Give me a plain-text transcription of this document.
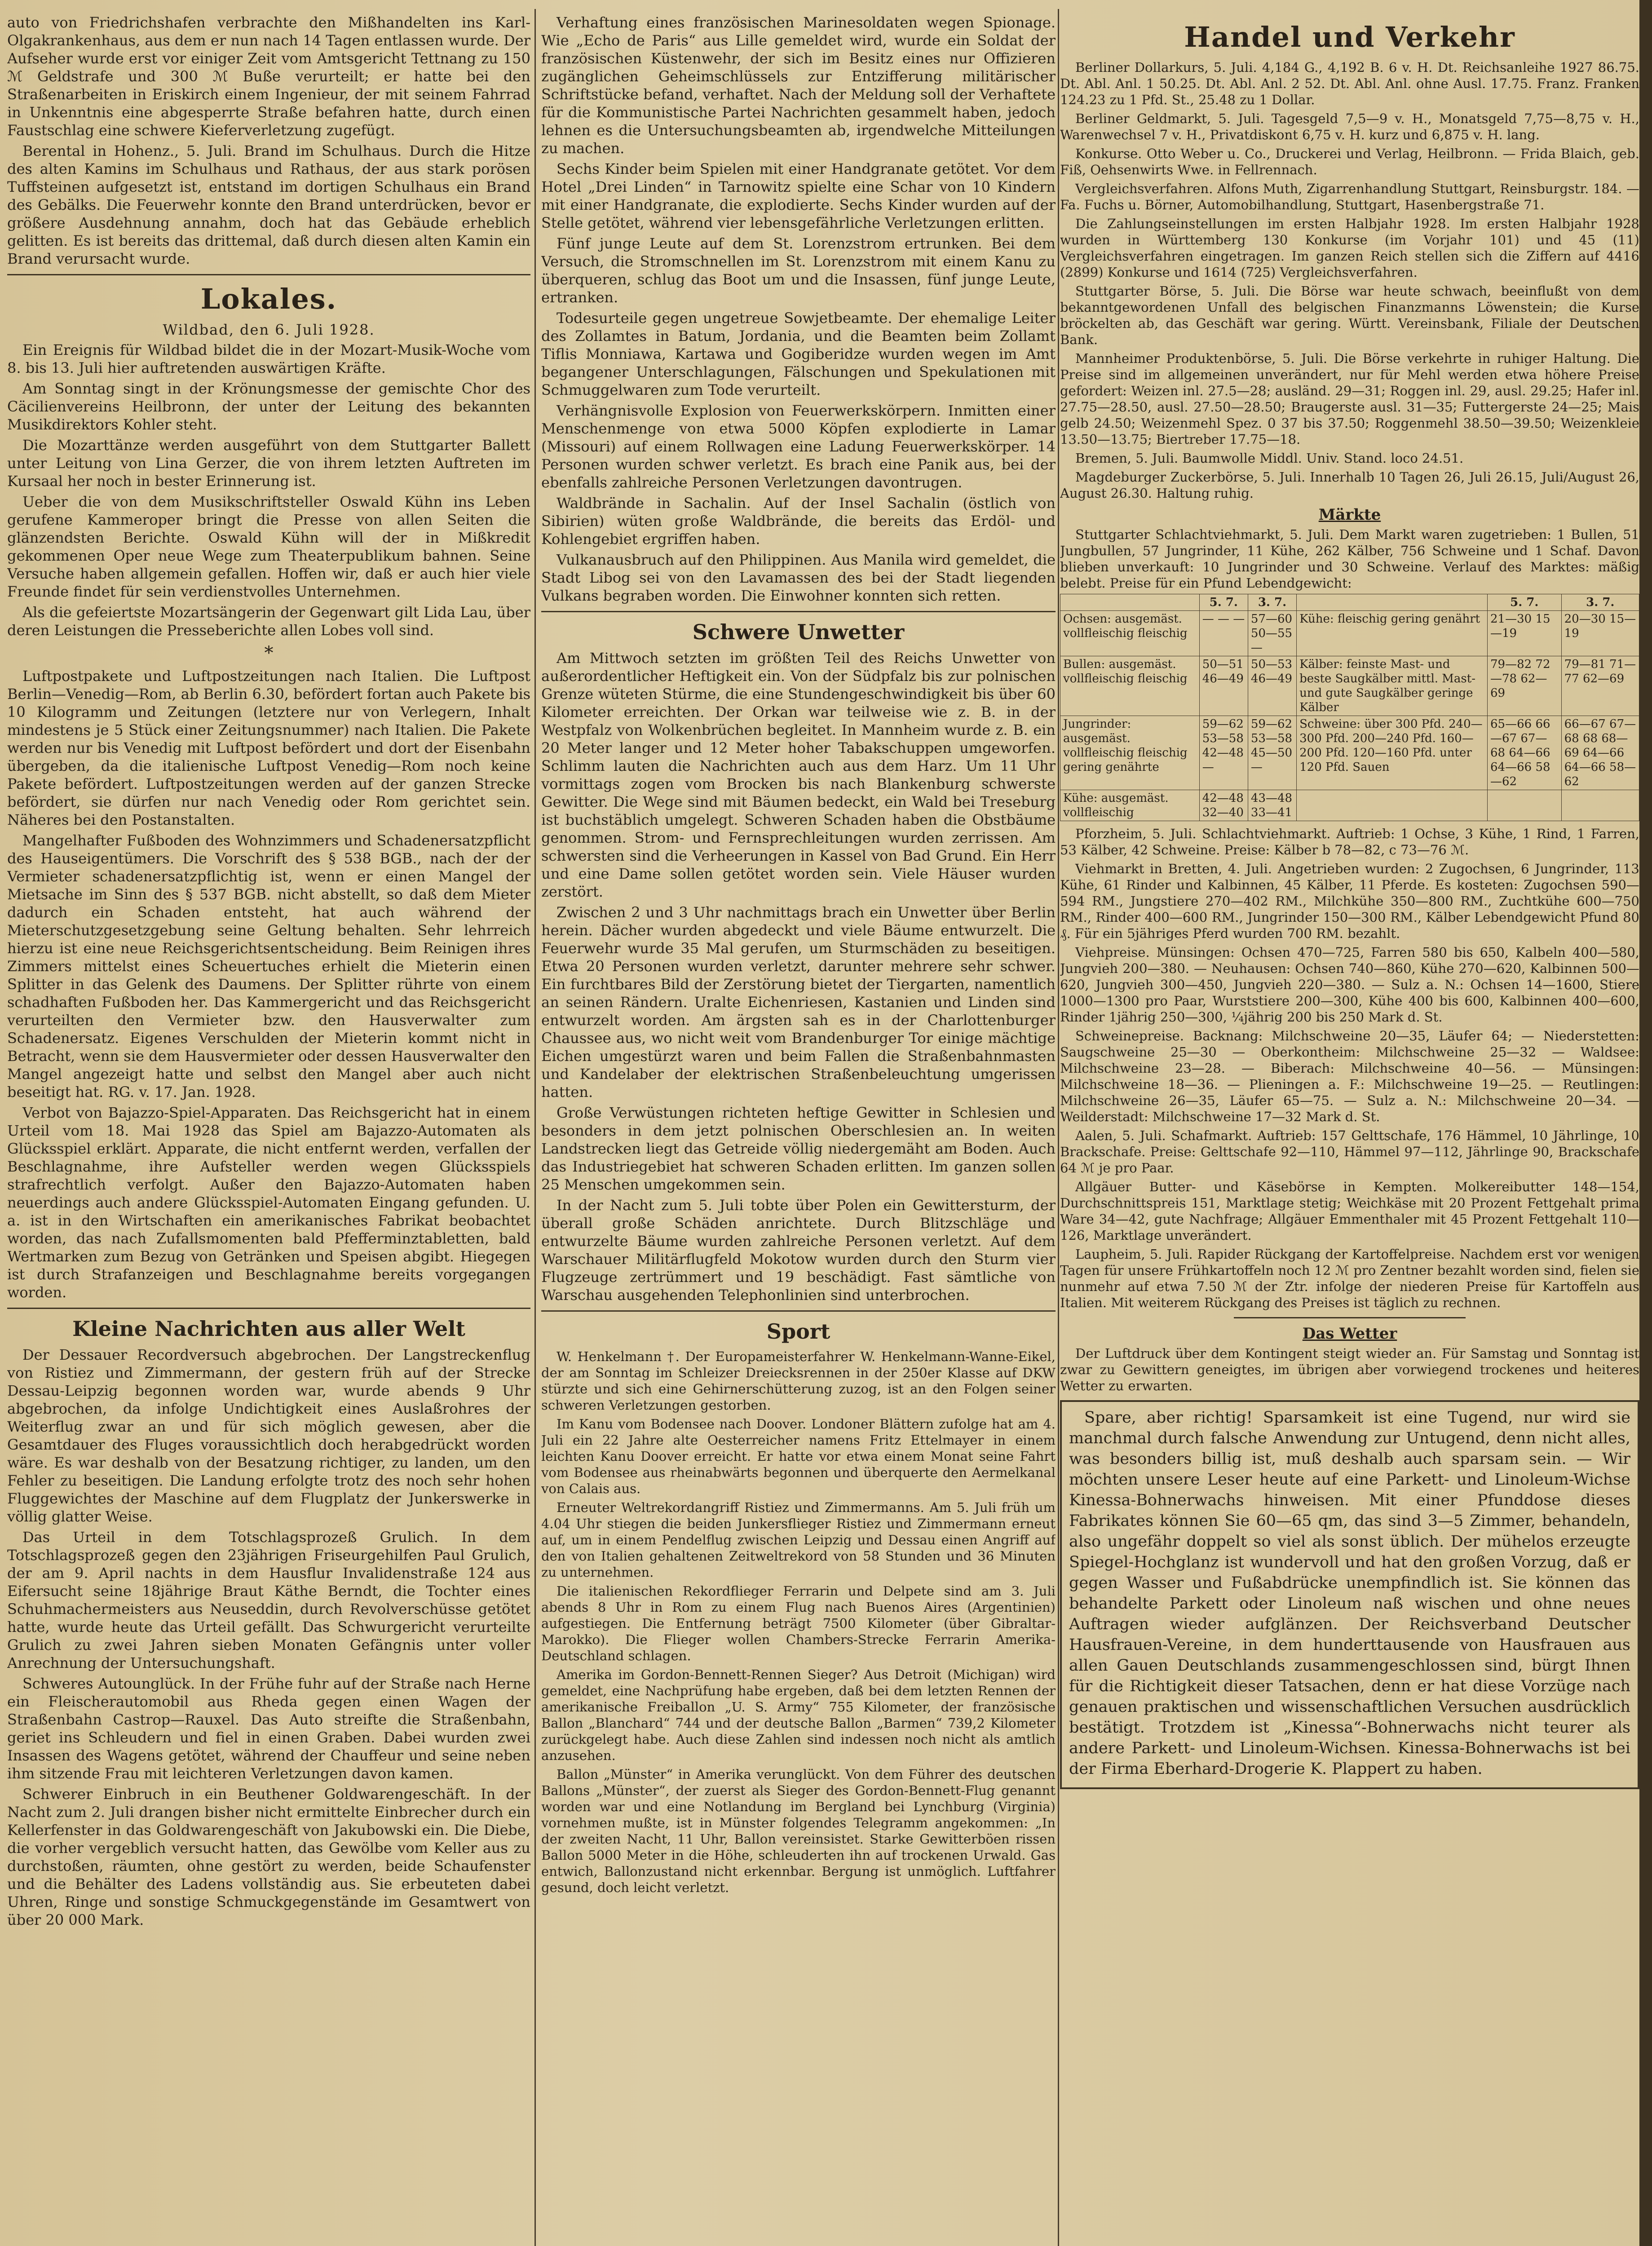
auto von Friedrichshafen verbrachte den Mißhandelten ins Karl-Olgakrankenhaus, aus dem er nun nach 14 Tagen entlassen wurde. Der Aufseher wurde erst vor einiger Zeit vom Amtsgericht Tettnang zu 150 ℳ Geldstrafe und 300 ℳ Buße verurteilt; er hatte bei den Straßenarbeiten in Eriskirch einem Ingenieur, der mit seinem Fahrrad in Unkenntnis eine abgesperrte Straße befahren hatte, durch einen Faustschlag eine schwere Kieferverletzung zugefügt.

Berental in Hohenz., 5. Juli. Brand im Schulhaus. Durch die Hitze des alten Kamins im Schulhaus und Rathaus, der aus stark porösen Tuffsteinen aufgesetzt ist, entstand im dortigen Schulhaus ein Brand des Gebälks. Die Feuerwehr konnte den Brand unterdrücken, bevor er größere Ausdehnung annahm, doch hat das Gebäude erheblich gelitten. Es ist bereits das drittemal, daß durch diesen alten Kamin ein Brand verursacht wurde.

Lokales.
Wildbad, den 6. Juli 1928.

Ein Ereignis für Wildbad bildet die in der Mozart-Musik-Woche vom 8. bis 13. Juli hier auftretenden auswärtigen Kräfte.

Am Sonntag singt in der Krönungsmesse der gemischte Chor des Cäcilienvereins Heilbronn, der unter der Leitung des bekannten Musikdirektors Kohler steht.

Die Mozarttänze werden ausgeführt von dem Stuttgarter Ballett unter Leitung von Lina Gerzer, die von ihrem letzten Auftreten im Kursaal her noch in bester Erinnerung ist.

Ueber die von dem Musikschriftsteller Oswald Kühn ins Leben gerufene Kammeroper bringt die Presse von allen Seiten die glänzendsten Berichte. Oswald Kühn will der in Mißkredit gekommenen Oper neue Wege zum Theaterpublikum bahnen. Seine Versuche haben allgemein gefallen. Hoffen wir, daß er auch hier viele Freunde findet für sein verdienstvolles Unternehmen.

Als die gefeiertste Mozartsängerin der Gegenwart gilt Lida Lau, über deren Leistungen die Presseberichte allen Lobes voll sind.

*

Luftpostpakete und Luftpostzeitungen nach Italien. Die Luftpost Berlin—Venedig—Rom, ab Berlin 6.30, befördert fortan auch Pakete bis 10 Kilogramm und Zeitungen (letztere nur von Verlegern, Inhalt mindestens je 5 Stück einer Zeitungsnummer) nach Italien. Die Pakete werden nur bis Venedig mit Luftpost befördert und dort der Eisenbahn übergeben, da die italienische Luftpost Venedig—Rom noch keine Pakete befördert. Luftpostzeitungen werden auf der ganzen Strecke befördert, sie dürfen nur nach Venedig oder Rom gerichtet sein. Näheres bei den Postanstalten.

Mangelhafter Fußboden des Wohnzimmers und Schadenersatzpflicht des Hauseigentümers. Die Vorschrift des § 538 BGB., nach der der Vermieter schadenersatzpflichtig ist, wenn er einen Mangel der Mietsache im Sinn des § 537 BGB. nicht abstellt, so daß dem Mieter dadurch ein Schaden entsteht, hat auch während der Mieterschutzgesetzgebung seine Geltung behalten. Sehr lehrreich hierzu ist eine neue Reichsgerichtsentscheidung. Beim Reinigen ihres Zimmers mittelst eines Scheuertuches erhielt die Mieterin einen Splitter in das Gelenk des Daumens. Der Splitter rührte von einem schadhaften Fußboden her. Das Kammergericht und das Reichsgericht verurteilten den Vermieter bzw. den Hausverwalter zum Schadenersatz. Eigenes Verschulden der Mieterin kommt nicht in Betracht, wenn sie dem Hausvermieter oder dessen Hausverwalter den Mangel angezeigt hatte und selbst den Mangel aber auch nicht beseitigt hat. RG. v. 17. Jan. 1928.

Verbot von Bajazzo-Spiel-Apparaten. Das Reichsgericht hat in einem Urteil vom 18. Mai 1928 das Spiel am Bajazzo-Automaten als Glücksspiel erklärt. Apparate, die nicht entfernt werden, verfallen der Beschlagnahme, ihre Aufsteller werden wegen Glücksspiels strafrechtlich verfolgt. Außer den Bajazzo-Automaten haben neuerdings auch andere Glücksspiel-Automaten Eingang gefunden. U. a. ist in den Wirtschaften ein amerikanisches Fabrikat beobachtet worden, das nach Zufallsmomenten bald Pfefferminztabletten, bald Wertmarken zum Bezug von Getränken und Speisen abgibt. Hiegegen ist durch Strafanzeigen und Beschlagnahme bereits vorgegangen worden.

Kleine Nachrichten aus aller Welt

Der Dessauer Recordversuch abgebrochen. Der Langstreckenflug von Ristiez und Zimmermann, der gestern früh auf der Strecke Dessau-Leipzig begonnen worden war, wurde abends 9 Uhr abgebrochen, da infolge Undichtigkeit eines Auslaßrohres der Weiterflug zwar an und für sich möglich gewesen, aber die Gesamtdauer des Fluges voraussichtlich doch herabgedrückt worden wäre. Es war deshalb von der Besatzung richtiger, zu landen, um den Fehler zu beseitigen. Die Landung erfolgte trotz des noch sehr hohen Fluggewichtes der Maschine auf dem Flugplatz der Junkerswerke in völlig glatter Weise.

Das Urteil in dem Totschlagsprozeß Grulich. In dem Totschlagsprozeß gegen den 23jährigen Friseurgehilfen Paul Grulich, der am 9. April nachts in dem Hausflur Invalidenstraße 124 aus Eifersucht seine 18jährige Braut Käthe Berndt, die Tochter eines Schuhmachermeisters aus Neuseddin, durch Revolverschüsse getötet hatte, wurde heute das Urteil gefällt. Das Schwurgericht verurteilte Grulich zu zwei Jahren sieben Monaten Gefängnis unter voller Anrechnung der Untersuchungshaft.

Schweres Autounglück. In der Frühe fuhr auf der Straße nach Herne ein Fleischerautomobil aus Rheda gegen einen Wagen der Straßenbahn Castrop—Rauxel. Das Auto streifte die Straßenbahn, geriet ins Schleudern und fiel in einen Graben. Dabei wurden zwei Insassen des Wagens getötet, während der Chauffeur und seine neben ihm sitzende Frau mit leichteren Verletzungen davon kamen.

Schwerer Einbruch in ein Beuthener Goldwarengeschäft. In der Nacht zum 2. Juli drangen bisher nicht ermittelte Einbrecher durch ein Kellerfenster in das Goldwarengeschäft von Jakubowski ein. Die Diebe, die vorher vergeblich versucht hatten, das Gewölbe vom Keller aus zu durchstoßen, räumten, ohne gestört zu werden, beide Schaufenster und die Behälter des Ladens vollständig aus. Sie erbeuteten dabei Uhren, Ringe und sonstige Schmuckgegenstände im Gesamtwert von über 20 000 Mark.

Verhaftung eines französischen Marinesoldaten wegen Spionage. Wie „Echo de Paris“ aus Lille gemeldet wird, wurde ein Soldat der französischen Küstenwehr, der sich im Besitz eines nur Offizieren zugänglichen Geheimschlüssels zur Entzifferung militärischer Schriftstücke befand, verhaftet. Nach der Meldung soll der Verhaftete für die Kommunistische Partei Nachrichten gesammelt haben, jedoch lehnen es die Untersuchungsbeamten ab, irgendwelche Mitteilungen zu machen.

Sechs Kinder beim Spielen mit einer Handgranate getötet. Vor dem Hotel „Drei Linden“ in Tarnowitz spielte eine Schar von 10 Kindern mit einer Handgranate, die explodierte. Sechs Kinder wurden auf der Stelle getötet, während vier lebensgefährliche Verletzungen erlitten.

Fünf junge Leute auf dem St. Lorenzstrom ertrunken. Bei dem Versuch, die Stromschnellen im St. Lorenzstrom mit einem Kanu zu überqueren, schlug das Boot um und die Insassen, fünf junge Leute, ertranken.

Todesurteile gegen ungetreue Sowjetbeamte. Der ehemalige Leiter des Zollamtes in Batum, Jordania, und die Beamten beim Zollamt Tiflis Monniawa, Kartawa und Gogiberidze wurden wegen im Amt begangener Unterschlagungen, Fälschungen und Spekulationen mit Schmuggelwaren zum Tode verurteilt.

Verhängnisvolle Explosion von Feuerwerkskörpern. Inmitten einer Menschenmenge von etwa 5000 Köpfen explodierte in Lamar (Missouri) auf einem Rollwagen eine Ladung Feuerwerkskörper. 14 Personen wurden schwer verletzt. Es brach eine Panik aus, bei der ebenfalls zahlreiche Personen Verletzungen davontrugen.

Waldbrände in Sachalin. Auf der Insel Sachalin (östlich von Sibirien) wüten große Waldbrände, die bereits das Erdöl- und Kohlengebiet ergriffen haben.

Vulkanausbruch auf den Philippinen. Aus Manila wird gemeldet, die Stadt Libog sei von den Lavamassen des bei der Stadt liegenden Vulkans begraben worden. Die Einwohner konnten sich retten.

Schwere Unwetter

Am Mittwoch setzten im größten Teil des Reichs Unwetter von außerordentlicher Heftigkeit ein. Von der Südpfalz bis zur polnischen Grenze wüteten Stürme, die eine Stundengeschwindigkeit bis über 60 Kilometer erreichten. Der Orkan war teilweise wie z. B. in der Westpfalz von Wolkenbrüchen begleitet. In Mannheim wurde z. B. ein 20 Meter langer und 12 Meter hoher Tabakschuppen umgeworfen. Schlimm lauten die Nachrichten auch aus dem Harz. Um 11 Uhr vormittags zogen vom Brocken bis nach Blankenburg schwerste Gewitter. Die Wege sind mit Bäumen bedeckt, ein Wald bei Treseburg ist buchstäblich umgelegt. Schweren Schaden haben die Obstbäume genommen. Strom- und Fernsprechleitungen wurden zerrissen. Am schwersten sind die Verheerungen in Kassel von Bad Grund. Ein Herr und eine Dame sollen getötet worden sein. Viele Häuser wurden zerstört.

Zwischen 2 und 3 Uhr nachmittags brach ein Unwetter über Berlin herein. Dächer wurden abgedeckt und viele Bäume entwurzelt. Die Feuerwehr wurde 35 Mal gerufen, um Sturmschäden zu beseitigen. Etwa 20 Personen wurden verletzt, darunter mehrere sehr schwer. Ein furchtbares Bild der Zerstörung bietet der Tiergarten, namentlich an seinen Rändern. Uralte Eichenriesen, Kastanien und Linden sind entwurzelt worden. Am ärgsten sah es in der Charlottenburger Chaussee aus, wo nicht weit vom Brandenburger Tor einige mächtige Eichen umgestürzt waren und beim Fallen die Straßenbahnmasten und Kandelaber der elektrischen Straßenbeleuchtung umgerissen hatten.

Große Verwüstungen richteten heftige Gewitter in Schlesien und besonders in dem jetzt polnischen Oberschlesien an. In weiten Landstrecken liegt das Getreide völlig niedergemäht am Boden. Auch das Industriegebiet hat schweren Schaden erlitten. Im ganzen sollen 25 Menschen umgekommen sein.

In der Nacht zum 5. Juli tobte über Polen ein Gewittersturm, der überall große Schäden anrichtete. Durch Blitzschläge und entwurzelte Bäume wurden zahlreiche Personen verletzt. Auf dem Warschauer Militärflugfeld Mokotow wurden durch den Sturm vier Flugzeuge zertrümmert und 19 beschädigt. Fast sämtliche von Warschau ausgehenden Telephonlinien sind unterbrochen.

Sport

W. Henkelmann †. Der Europameisterfahrer W. Henkelmann-Wanne-Eikel, der am Sonntag im Schleizer Dreiecksrennen in der 250er Klasse auf DKW stürzte und sich eine Gehirnerschütterung zuzog, ist an den Folgen seiner schweren Verletzungen gestorben.

Im Kanu vom Bodensee nach Doover. Londoner Blättern zufolge hat am 4. Juli ein 22 Jahre alte Oesterreicher namens Fritz Ettelmayer in einem leichten Kanu Doover erreicht. Er hatte vor etwa einem Monat seine Fahrt vom Bodensee aus rheinabwärts begonnen und überquerte den Aermelkanal von Calais aus.

Erneuter Weltrekordangriff Ristiez und Zimmermanns. Am 5. Juli früh um 4.04 Uhr stiegen die beiden Junkersflieger Ristiez und Zimmermann erneut auf, um in einem Pendelflug zwischen Leipzig und Dessau einen Angriff auf den von Italien gehaltenen Zeitweltrekord von 58 Stunden und 36 Minuten zu unternehmen.

Die italienischen Rekordflieger Ferrarin und Delpete sind am 3. Juli abends 8 Uhr in Rom zu einem Flug nach Buenos Aires (Argentinien) aufgestiegen. Die Entfernung beträgt 7500 Kilometer (über Gibraltar-Marokko). Die Flieger wollen Chambers-Strecke Ferrarin Amerika-Deutschland schlagen.

Amerika im Gordon-Bennett-Rennen Sieger? Aus Detroit (Michigan) wird gemeldet, eine Nachprüfung habe ergeben, daß bei dem letzten Rennen der amerikanische Freiballon „U. S. Army“ 755 Kilometer, der französische Ballon „Blanchard“ 744 und der deutsche Ballon „Barmen“ 739,2 Kilometer zurückgelegt habe. Auch diese Zahlen sind indessen noch nicht als amtlich anzusehen.

Ballon „Münster“ in Amerika verunglückt. Von dem Führer des deutschen Ballons „Münster“, der zuerst als Sieger des Gordon-Bennett-Flug genannt worden war und eine Notlandung im Bergland bei Lynchburg (Virginia) vornehmen mußte, ist in Münster folgendes Telegramm angekommen: „In der zweiten Nacht, 11 Uhr, Ballon vereinsistet. Starke Gewitterböen rissen Ballon 5000 Meter in die Höhe, schleuderten ihn auf trockenen Urwald. Gas entwich, Ballonzustand nicht erkennbar. Bergung ist unmöglich. Luftfahrer gesund, doch leicht verletzt.

Handel und Verkehr

Berliner Dollarkurs, 5. Juli. 4,184 G., 4,192 B. 6 v. H. Dt. Reichsanleihe 1927 86.75. Dt. Abl. Anl. 1 50.25. Dt. Abl. Anl. 2 52. Dt. Abl. Anl. ohne Ausl. 17.75. Franz. Franken 124.23 zu 1 Pfd. St., 25.48 zu 1 Dollar.

Berliner Geldmarkt, 5. Juli. Tagesgeld 7,5—9 v. H., Monatsgeld 7,75—8,75 v. H., Warenwechsel 7 v. H., Privatdiskont 6,75 v. H. kurz und 6,875 v. H. lang.

Konkurse. Otto Weber u. Co., Druckerei und Verlag, Heilbronn. — Frida Blaich, geb. Fiß, Oehsenwirts Wwe. in Fellrennach.

Vergleichsverfahren. Alfons Muth, Zigarrenhandlung Stuttgart, Reinsburgstr. 184. — Fa. Fuchs u. Börner, Automobilhandlung, Stuttgart, Hasenbergstraße 71.

Die Zahlungseinstellungen im ersten Halbjahr 1928. Im ersten Halbjahr 1928 wurden in Württemberg 130 Konkurse (im Vorjahr 101) und 45 (11) Vergleichsverfahren eingetragen. Im ganzen Reich stellen sich die Ziffern auf 4416 (2899) Konkurse und 1614 (725) Vergleichsverfahren.

Stuttgarter Börse, 5. Juli. Die Börse war heute schwach, beeinflußt von dem bekanntgewordenen Unfall des belgischen Finanzmanns Löwenstein; die Kurse bröckelten ab, das Geschäft war gering. Württ. Vereinsbank, Filiale der Deutschen Bank.

Mannheimer Produktenbörse, 5. Juli. Die Börse verkehrte in ruhiger Haltung. Die Preise sind im allgemeinen unverändert, nur für Mehl werden etwa höhere Preise gefordert: Weizen inl. 27.5—28; ausländ. 29—31; Roggen inl. 29, ausl. 29.25; Hafer inl. 27.75—28.50, ausl. 27.50—28.50; Braugerste ausl. 31—35; Futtergerste 24—25; Mais gelb 24.50; Weizenmehl Spez. 0 37 bis 37.50; Roggenmehl 38.50—39.50; Weizenkleie 13.50—13.75; Biertreber 17.75—18.

Bremen, 5. Juli. Baumwolle Middl. Univ. Stand. loco 24.51.

Magdeburger Zuckerbörse, 5. Juli. Innerhalb 10 Tagen 26, Juli 26.15, Juli/August 26, August 26.30. Haltung ruhig.

Märkte

Stuttgarter Schlachtviehmarkt, 5. Juli. Dem Markt waren zugetrieben: 1 Bullen, 51 Jungbullen, 57 Jungrinder, 11 Kühe, 262 Kälber, 756 Schweine und 1 Schaf. Davon blieben unverkauft: 10 Jungrinder und 30 Schweine. Verlauf des Marktes: mäßig belebt. Preise für ein Pfund Lebendgewicht:

	5. 7.	3. 7.		5. 7.	3. 7.
Ochsen: ausgemäst. vollfleischig fleischig	— — —	57—60 50—55 —	Kühe: fleischig gering genährt	21—30 15—19	20—30 15—19
Bullen: ausgemäst. vollfleischig fleischig	50—51 46—49	50—53 46—49	Kälber: feinste Mast- und beste Saugkälber mittl. Mast- und gute Saugkälber geringe Kälber	79—82 72—78 62—69	79—81 71—77 62—69
Jungrinder: ausgemäst. vollfleischig fleischig gering genährte	59—62 53—58 42—48 —	59—62 53—58 45—50 —	Schweine: über 300 Pfd. 240—300 Pfd. 200—240 Pfd. 160—200 Pfd. 120—160 Pfd. unter 120 Pfd. Sauen	65—66 66—67 67—68 64—66 64—66 58—62	66—67 67—68 68 68—69 64—66 64—66 58—62
Kühe: ausgemäst. vollfleischig	42—48 32—40	43—48 33—41			

Pforzheim, 5. Juli. Schlachtviehmarkt. Auftrieb: 1 Ochse, 3 Kühe, 1 Rind, 1 Farren, 53 Kälber, 42 Schweine. Preise: Kälber b 78—82, c 73—76 ℳ.

Viehmarkt in Bretten, 4. Juli. Angetrieben wurden: 2 Zugochsen, 6 Jungrinder, 113 Kühe, 61 Rinder und Kalbinnen, 45 Kälber, 11 Pferde. Es kosteten: Zugochsen 590—594 RM., Jungstiere 270—402 RM., Milchkühe 350—800 RM., Zuchtkühe 600—750 RM., Rinder 400—600 RM., Jungrinder 150—300 RM., Kälber Lebendgewicht Pfund 80 ₰. Für ein 5jähriges Pferd wurden 700 RM. bezahlt.

Viehpreise. Münsingen: Ochsen 470—725, Farren 580 bis 650, Kalbeln 400—580, Jungvieh 200—380. — Neuhausen: Ochsen 740—860, Kühe 270—620, Kalbinnen 500—620, Jungvieh 300—450, Jungvieh 220—380. — Sulz a. N.: Ochsen 14—1600, Stiere 1000—1300 pro Paar, Wurststiere 200—300, Kühe 400 bis 600, Kalbinnen 400—600, Rinder 1jährig 250—300, ¼jährig 200 bis 250 Mark d. St.

Schweinepreise. Backnang: Milchschweine 20—35, Läufer 64; — Niederstetten: Saugschweine 25—30 — Oberkontheim: Milchschweine 25—32 — Waldsee: Milchschweine 23—28. — Biberach: Milchschweine 40—56. — Münsingen: Milchschweine 18—36. — Plieningen a. F.: Milchschweine 19—25. — Reutlingen: Milchschweine 26—35, Läufer 65—75. — Sulz a. N.: Milchschweine 20—34. — Weilderstadt: Milchschweine 17—32 Mark d. St.

Aalen, 5. Juli. Schafmarkt. Auftrieb: 157 Gelttschafe, 176 Hämmel, 10 Jährlinge, 10 Brackschafe. Preise: Gelttschafe 92—110, Hämmel 97—112, Jährlinge 90, Brackschafe 64 ℳ je pro Paar.

Allgäuer Butter- und Käsebörse in Kempten. Molkereibutter 148—154, Durchschnittspreis 151, Marktlage stetig; Weichkäse mit 20 Prozent Fettgehalt prima Ware 34—42, gute Nachfrage; Allgäuer Emmenthaler mit 45 Prozent Fettgehalt 110—126, Marktlage unverändert.

Laupheim, 5. Juli. Rapider Rückgang der Kartoffelpreise. Nachdem erst vor wenigen Tagen für unsere Frühkartoffeln noch 12 ℳ pro Zentner bezahlt worden sind, fielen sie nunmehr auf etwa 7.50 ℳ der Ztr. infolge der niederen Preise für Kartoffeln aus Italien. Mit weiterem Rückgang des Preises ist täglich zu rechnen.

Das Wetter

Der Luftdruck über dem Kontingent steigt wieder an. Für Samstag und Sonntag ist zwar zu Gewittern geneigtes, im übrigen aber vorwiegend trockenes und heiteres Wetter zu erwarten.

Spare, aber richtig! Sparsamkeit ist eine Tugend, nur wird sie manchmal durch falsche Anwendung zur Untugend, denn nicht alles, was besonders billig ist, muß deshalb auch sparsam sein. — Wir möchten unsere Leser heute auf eine Parkett- und Linoleum-Wichse Kinessa-Bohnerwachs hinweisen. Mit einer Pfunddose dieses Fabrikates können Sie 60—65 qm, das sind 3—5 Zimmer, behandeln, also ungefähr doppelt so viel als sonst üblich. Der mühelos erzeugte Spiegel-Hochglanz ist wundervoll und hat den großen Vorzug, daß er gegen Wasser und Fußabdrücke unempfindlich ist. Sie können das behandelte Parkett oder Linoleum naß wischen und ohne neues Auftragen wieder aufglänzen. Der Reichsverband Deutscher Hausfrauen-Vereine, in dem hunderttausende von Hausfrauen aus allen Gauen Deutschlands zusammengeschlossen sind, bürgt Ihnen für die Richtigkeit dieser Tatsachen, denn er hat diese Vorzüge nach genauen praktischen und wissenschaftlichen Versuchen ausdrücklich bestätigt. Trotzdem ist „Kinessa“-Bohnerwachs nicht teurer als andere Parkett- und Linoleum-Wichsen. Kinessa-Bohnerwachs ist bei der Firma Eberhard-Drogerie K. Plappert zu haben.
